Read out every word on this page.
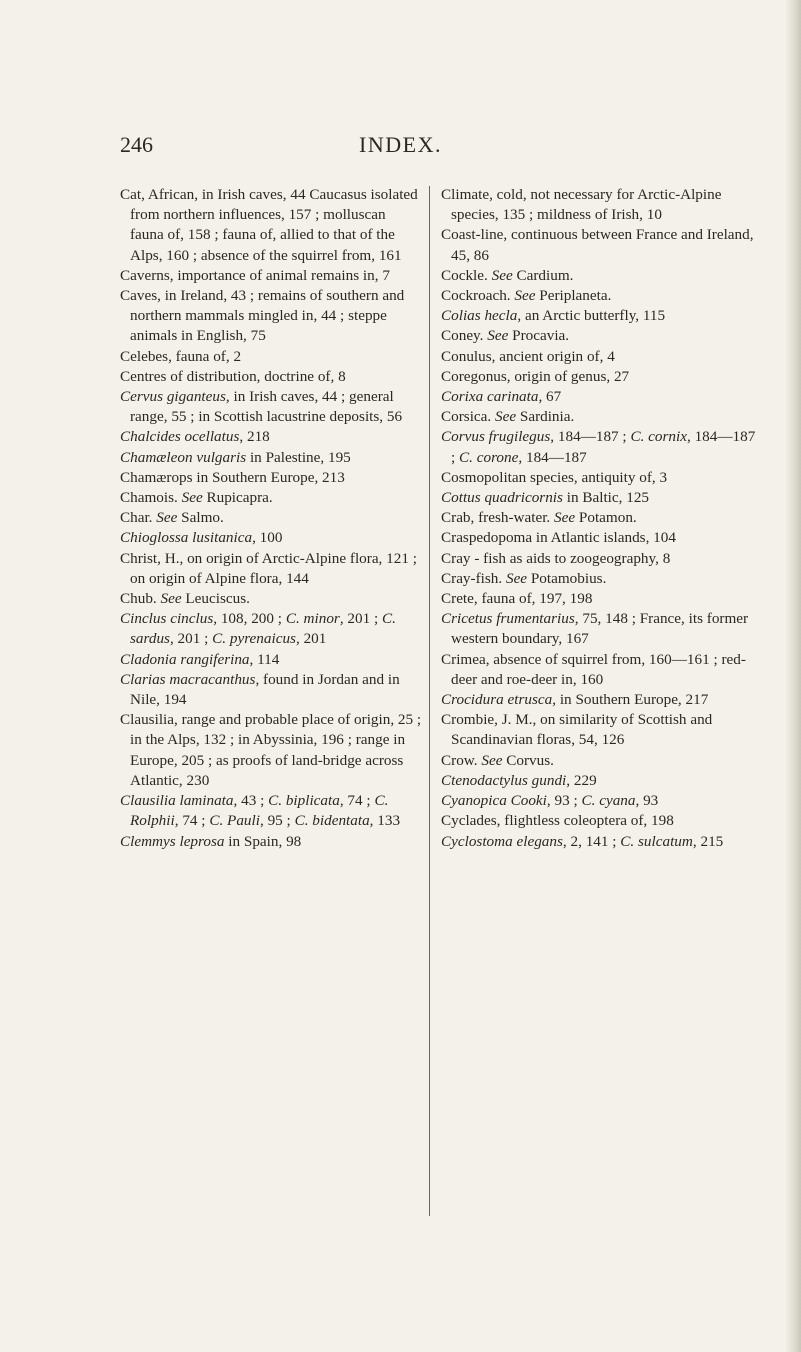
246	INDEX.

Cat, African, in Irish caves, 44 Caucasus isolated from northern influences, 157 ; molluscan fauna of, 158 ; fauna of, allied to that of the Alps, 160 ; absence of the squirrel from, 161

Caverns, importance of animal remains in, 7

Caves, in Ireland, 43 ; remains of southern and northern mammals mingled in, 44 ; steppe animals in English, 75

Celebes, fauna of, 2

Centres of distribution, doctrine of, 8

Cervus giganteus, in Irish caves, 44 ; general range, 55 ; in Scottish lacustrine deposits, 56

Chalcides ocellatus, 218

Chamæleon vulgaris in Palestine, 195

Chamærops in Southern Europe, 213

Chamois. See Rupicapra.

Char. See Salmo.

Chioglossa lusitanica, 100

Christ, H., on origin of Arctic-Alpine flora, 121 ; on origin of Alpine flora, 144

Chub. See Leuciscus.

Cinclus cinclus, 108, 200 ; C. minor, 201 ; C. sardus, 201 ; C. pyrenaicus, 201

Cladonia rangiferina, 114

Clarias macracanthus, found in Jordan and in Nile, 194

Clausilia, range and probable place of origin, 25 ; in the Alps, 132 ; in Abyssinia, 196 ; range in Europe, 205 ; as proofs of land-bridge across Atlantic, 230

Clausilia laminata, 43 ; C. biplicata, 74 ; C. Rolphii, 74 ; C. Pauli, 95 ; C. bidentata, 133

Clemmys leprosa in Spain, 98

Climate, cold, not necessary for Arctic-Alpine species, 135 ; mildness of Irish, 10

Coast-line, continuous between France and Ireland, 45, 86

Cockle. See Cardium.

Cockroach. See Periplaneta.

Colias hecla, an Arctic butterfly, 115

Coney. See Procavia.

Conulus, ancient origin of, 4

Coregonus, origin of genus, 27

Corixa carinata, 67

Corsica. See Sardinia.

Corvus frugilegus, 184—187 ; C. cornix, 184—187 ; C. corone, 184—187

Cosmopolitan species, antiquity of, 3

Cottus quadricornis in Baltic, 125

Crab, fresh-water. See Potamon.

Craspedopoma in Atlantic islands, 104

Cray - fish as aids to zoogeography, 8

Cray-fish. See Potamobius.

Crete, fauna of, 197, 198

Cricetus frumentarius, 75, 148 ; France, its former western boundary, 167

Crimea, absence of squirrel from, 160—161 ; red-deer and roe-deer in, 160

Crocidura etrusca, in Southern Europe, 217

Crombie, J. M., on similarity of Scottish and Scandinavian floras, 54, 126

Crow. See Corvus.

Ctenodactylus gundi, 229

Cyanopica Cooki, 93 ; C. cyana, 93

Cyclades, flightless coleoptera of, 198

Cyclostoma elegans, 2, 141 ; C. sulcatum, 215
